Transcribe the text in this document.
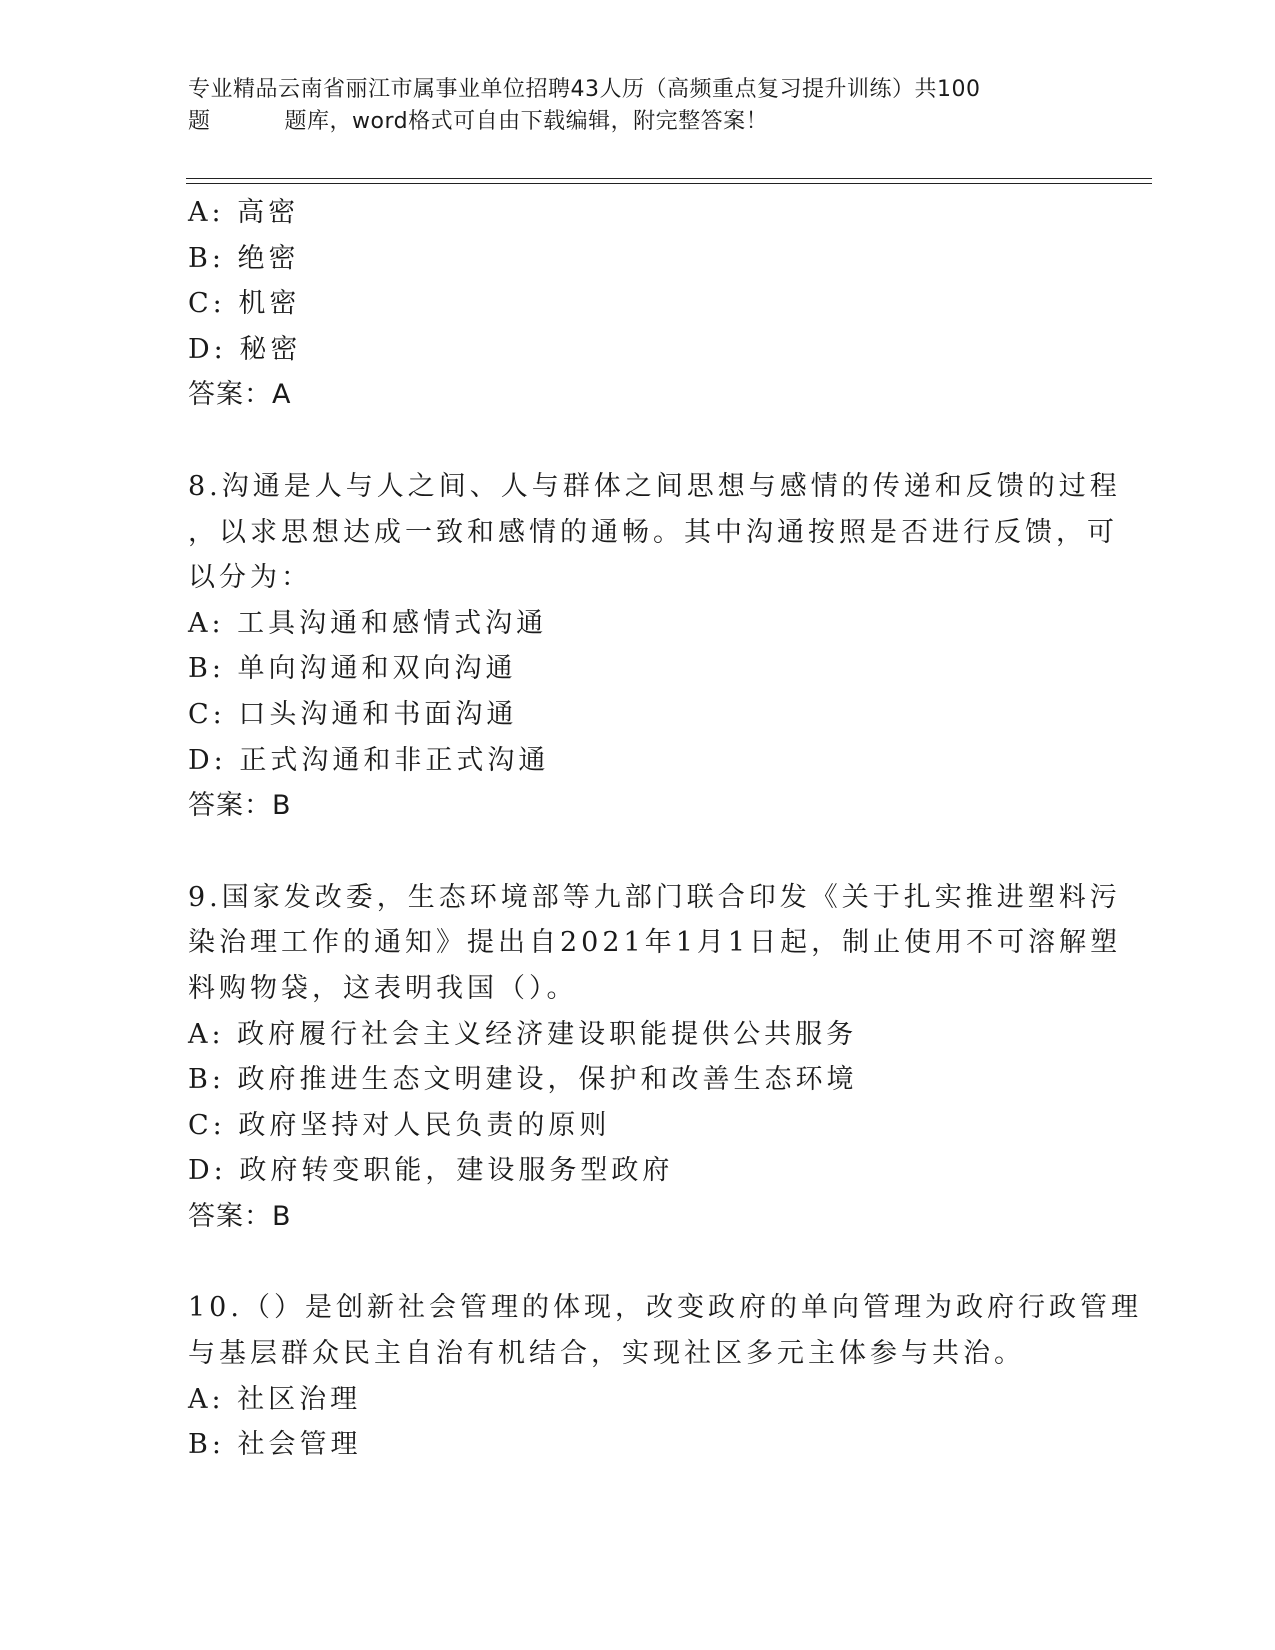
专业精品云南省丽江市属事业单位招聘43人历（高频重点复习提升训练）共100
题	题库，word格式可自由下载编辑，附完整答案！
A: 高密
B: 绝密
C: 机密
D: 秘密
答案：A
8.沟通是人与人之间、人与群体之间思想与感情的传递和反馈的过程
，以求思想达成一致和感情的通畅。其中沟通按照是否进行反馈，可
以分为：
A: 工具沟通和感情式沟通
B: 单向沟通和双向沟通
C: 口头沟通和书面沟通
D: 正式沟通和非正式沟通
答案：B
9.国家发改委，生态环境部等九部门联合印发《关于扎实推进塑料污
染治理工作的通知》提出自2021年1月1日起，制止使用不可溶解塑
料购物袋，这表明我国（）。
A: 政府履行社会主义经济建设职能提供公共服务
B: 政府推进生态文明建设，保护和改善生态环境
C: 政府坚持对人民负责的原则
D: 政府转变职能，建设服务型政府
答案：B
10.（）是创新社会管理的体现，改变政府的单向管理为政府行政管理
与基层群众民主自治有机结合，实现社区多元主体参与共治。
A: 社区治理
B: 社会管理
